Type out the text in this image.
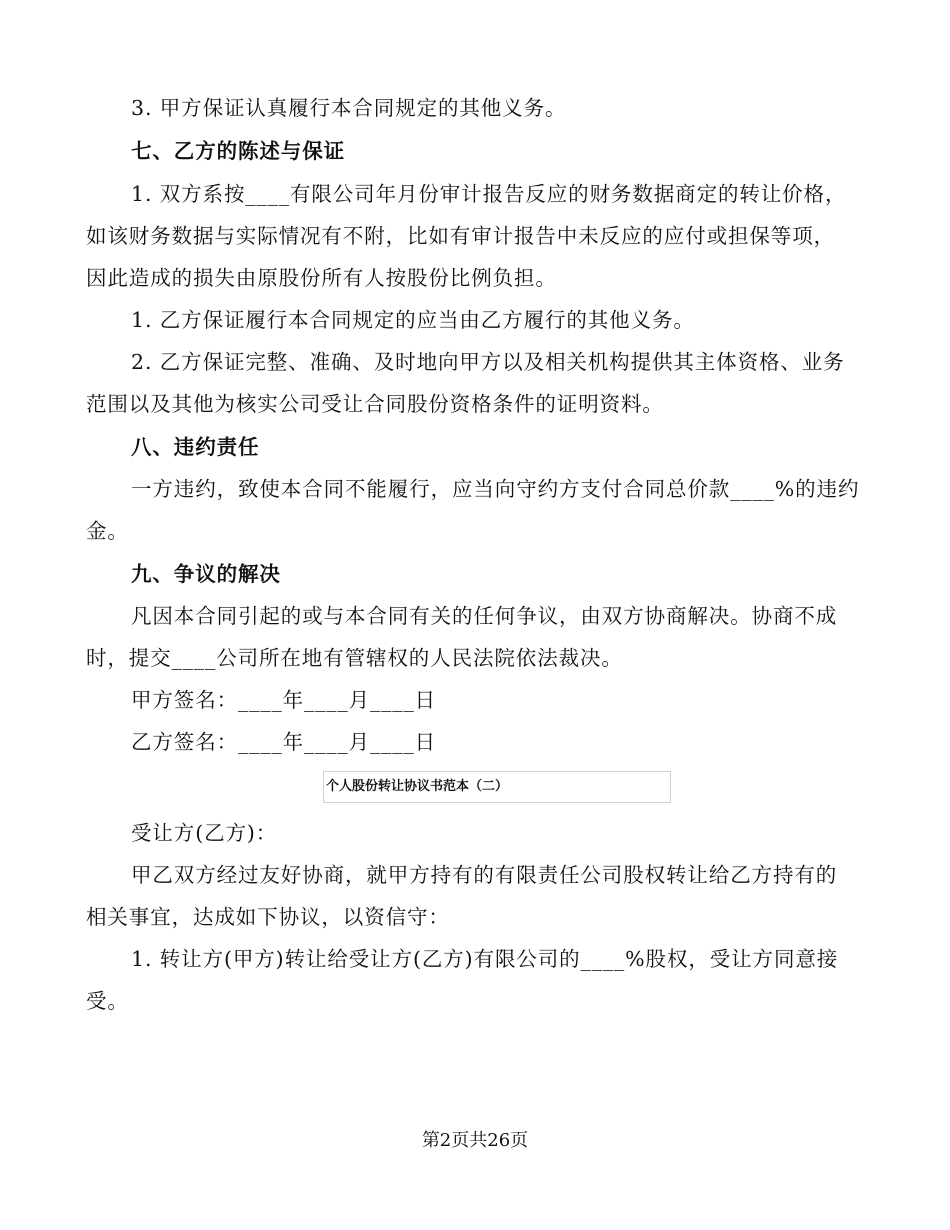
3. 甲方保证认真履行本合同规定的其他义务。
七、乙方的陈述与保证
1. 双方系按____有限公司年月份审计报告反应的财务数据商定的转让价格，
如该财务数据与实际情况有不附，比如有审计报告中未反应的应付或担保等项，
因此造成的损失由原股份所有人按股份比例负担。
1. 乙方保证履行本合同规定的应当由乙方履行的其他义务。
2. 乙方保证完整、准确、及时地向甲方以及相关机构提供其主体资格、业务
范围以及其他为核实公司受让合同股份资格条件的证明资料。
八、违约责任
一方违约，致使本合同不能履行，应当向守约方支付合同总价款____%的违约
金。
九、争议的解决
凡因本合同引起的或与本合同有关的任何争议，由双方协商解决。协商不成
时，提交____公司所在地有管辖权的人民法院依法裁决。
甲方签名：____年____月____日
乙方签名：____年____月____日
个人股份转让协议书范本（二）
受让方(乙方)：
甲乙双方经过友好协商，就甲方持有的有限责任公司股权转让给乙方持有的
相关事宜，达成如下协议，以资信守：
1. 转让方(甲方)转让给受让方(乙方)有限公司的____%股权，受让方同意接
受。
第2页共26页
